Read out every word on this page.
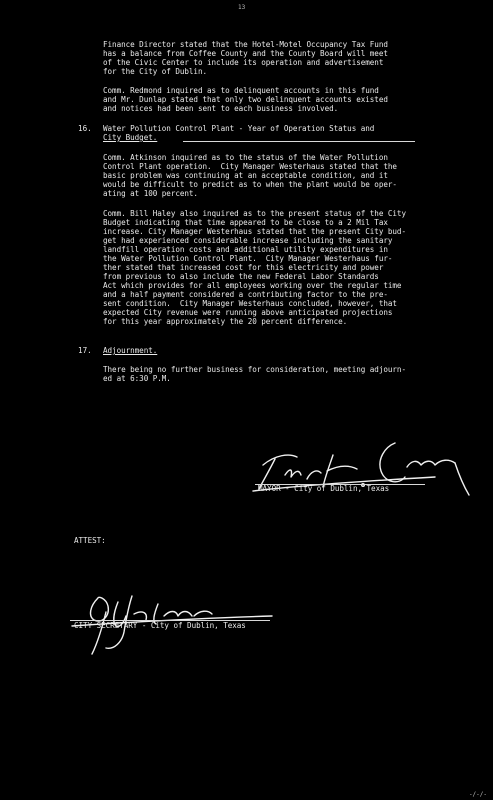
13
Finance Director stated that the Hotel-Motel Occupancy Tax Fund
has a balance from Coffee County and the County Board will meet
of the Civic Center to include its operation and advertisement
for the City of Dublin.
Comm. Redmond inquired as to delinquent accounts in this fund
and Mr. Dunlap stated that only two delinquent accounts existed
and notices had been sent to each business involved.
16. Water Pollution Control Plant - Year of Operation Status and
City Budget.
Comm. Atkinson inquired as to the status of the Water Pollution
Control Plant operation.  City Manager Westerhaus stated that the
basic problem was continuing at an acceptable condition, and it
would be difficult to predict as to when the plant would be oper-
ating at 100 percent.
Comm. Bill Haley also inquired as to the present status of the City
Budget indicating that time appeared to be close to a 2 Mil Tax
increase. City Manager Westerhaus stated that the present City bud-
get had experienced considerable increase including the sanitary
landfill operation costs and additional utility expenditures in
the Water Pollution Control Plant.  City Manager Westerhaus fur-
ther stated that increased cost for this electricity and power
from previous to also include the new Federal Labor Standards
Act which provides for all employees working over the regular time
and a half payment considered a contributing factor to the pre-
sent condition.  City Manager Westerhaus concluded, however, that
expected City revenue were running above anticipated projections
for this year approximately the 20 percent difference.
17. Adjournment.
There being no further business for consideration, meeting adjourn-
ed at 6:30 P.M.
MAYOR - City of Dublin, Texas
ATTEST:
CITY SECRETARY - City of Dublin, Texas
-/-/-
